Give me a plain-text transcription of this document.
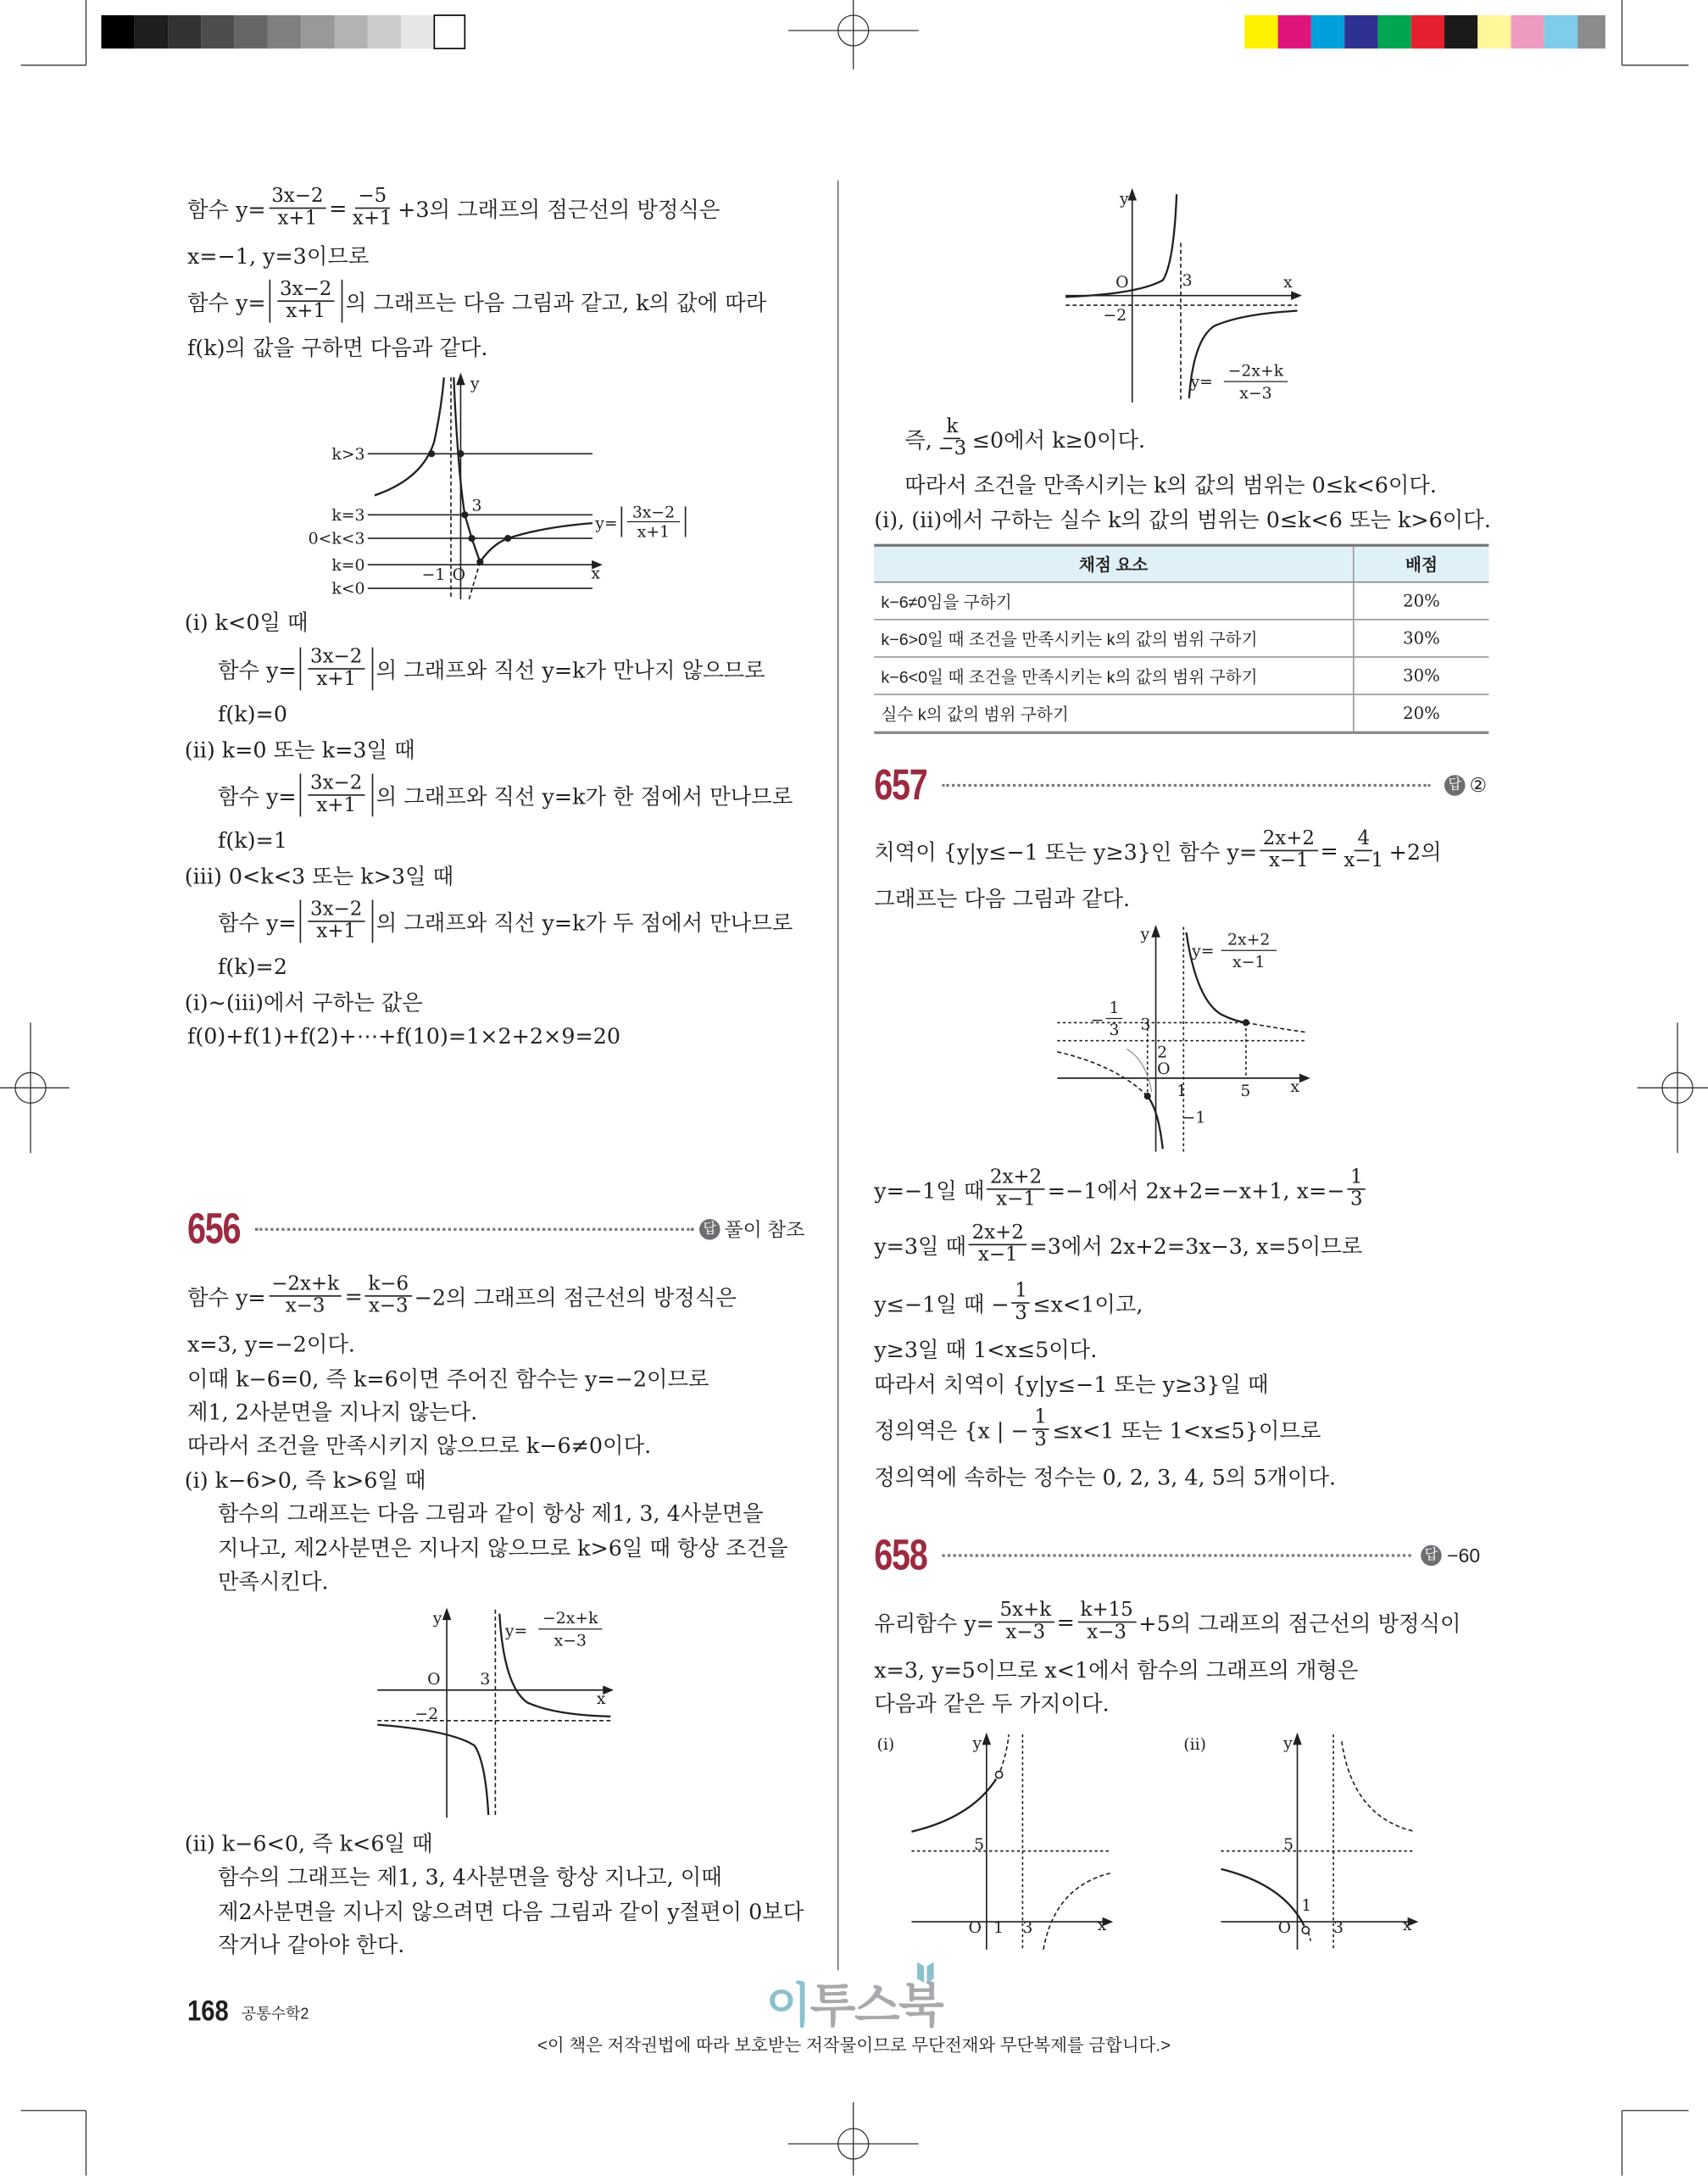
k>3
k=3
0<k<3
k=0
k<0
3
−1 O	x
y
y=
3x−2
x+1
y
O	3	x
−2
y=
−2x+k
x−3
y
O	3
x
−2
y=
−2x+k
x−3
y
3
2
O
1	5	x
−1
−
1
3
y=
2x+2
x−1
(i)	y
5
O 1 3	x
(ii)	y
5
1
O	3	x
함수 $y= \frac{3x-2}{x+1} = \frac{-5}{x+1} +3$의 그래프의 점근선의 방정식은
x=−1, y=3이므로
함수 $y= \frac{3x-2}{x+1}$ 의 그래프는 다음 그림과 같고, k의 값에 따라
f(k)의 값을 구하면 다음과 같다.
(i) k<0일 때
함수 $y= \frac{3x-2}{x+1}$ 의 그래프와 직선 y=k가 만나지 않으므로
f(k)=0
(ii) k=0 또는 k=3일 때
함수 $y= \frac{3x-2}{x+1}$ 의 그래프와 직선 y=k가 한 점에서 만나므로
f(k)=1
(iii) 0<k<3 또는 k>3일 때
함수 $y= \frac{3x-2}{x+1}$ 의 그래프와 직선 y=k가 두 점에서 만나므로
f(k)=2
(i)~(iii)에서 구하는 값은
f(0)+f(1)+f(2)+⋯+f(10)=1×2+2×9=20
함수 $y= \frac{-2x+k}{x-3} = \frac{k-6}{x-3} -2$의 그래프의 점근선의 방정식은
x=3, y=−2이다.
이때 k−6=0, 즉 k=6이면 주어진 함수는 y=−2이므로
제1, 2사분면을 지나지 않는다.
따라서 조건을 만족시키지 않으므로 k−6≠0이다.
(i) k−6>0, 즉 k>6일 때
함수의 그래프는 다음 그림과 같이 항상 제1, 3, 4사분면을
지나고, 제2사분면은 지나지 않으므로 k>6일 때 항상 조건을
만족시킨다.
(ii) k−6<0, 즉 k<6일 때
함수의 그래프는 제1, 3, 4사분면을 항상 지나고, 이때
제2사분면을 지나지 않으려면 다음 그림과 같이 y절편이 0보다
작거나 같아야 한다.
즉, $\frac{k}{-3} \le 0$에서 k≥0이다.
따라서 조건을 만족시키는 k의 값의 범위는 0≤k<6이다.
(i), (ii)에서 구하는 실수 k의 값의 범위는 0≤k<6 또는 k>6이다.
치역이 {y|y≤−1 또는 y≥3}인 함수 $y= \frac{2x+2}{x-1} = \frac{4}{x-1} +2$의
그래프는 다음 그림과 같다.
y=−1일 때 $\frac{2x+2}{x-1} =-1$에서 2x+2=−x+1, $x=- \frac{1}{3}$
y=3일 때 $\frac{2x+2}{x-1} =3$에서 2x+2=3x−3, x=5이므로
y≤−1일 때 − $\frac{1}{3} \le x<1$이고,
y≥3일 때 1<x≤5이다.
따라서 치역이 {y|y≤−1 또는 y≥3}일 때
정의역은 {x | − $\frac{1}{3} \le x<1$ 또는 1<x≤5}이므로
정의역에 속하는 정수는 0, 2, 3, 4, 5의 5개이다.
유리함수 $y= \frac{5x+k}{x-3} = \frac{k+15}{x-3} +5$의 그래프의 점근선의 방정식이
x=3, y=5이므로 x<1에서 함수의 그래프의 개형은
다음과 같은 두 가지이다.
656	답 풀이 참조
657	답 ②
658	답 −60
채점 요소	배점
k−6≠0임을 구하기	20%
k−6>0일 때 조건을 만족시키는 k의 값의 범위 구하기	30%
k−6<0일 때 조건을 만족시키는 k의 값의 범위 구하기	30%
실수 k의 값의 범위 구하기	20%
168 공통수학2	이투스북
<이 책은 저작권법에 따라 보호받는 저작물이므로 무단전재와 무단복제를 금합니다.>
